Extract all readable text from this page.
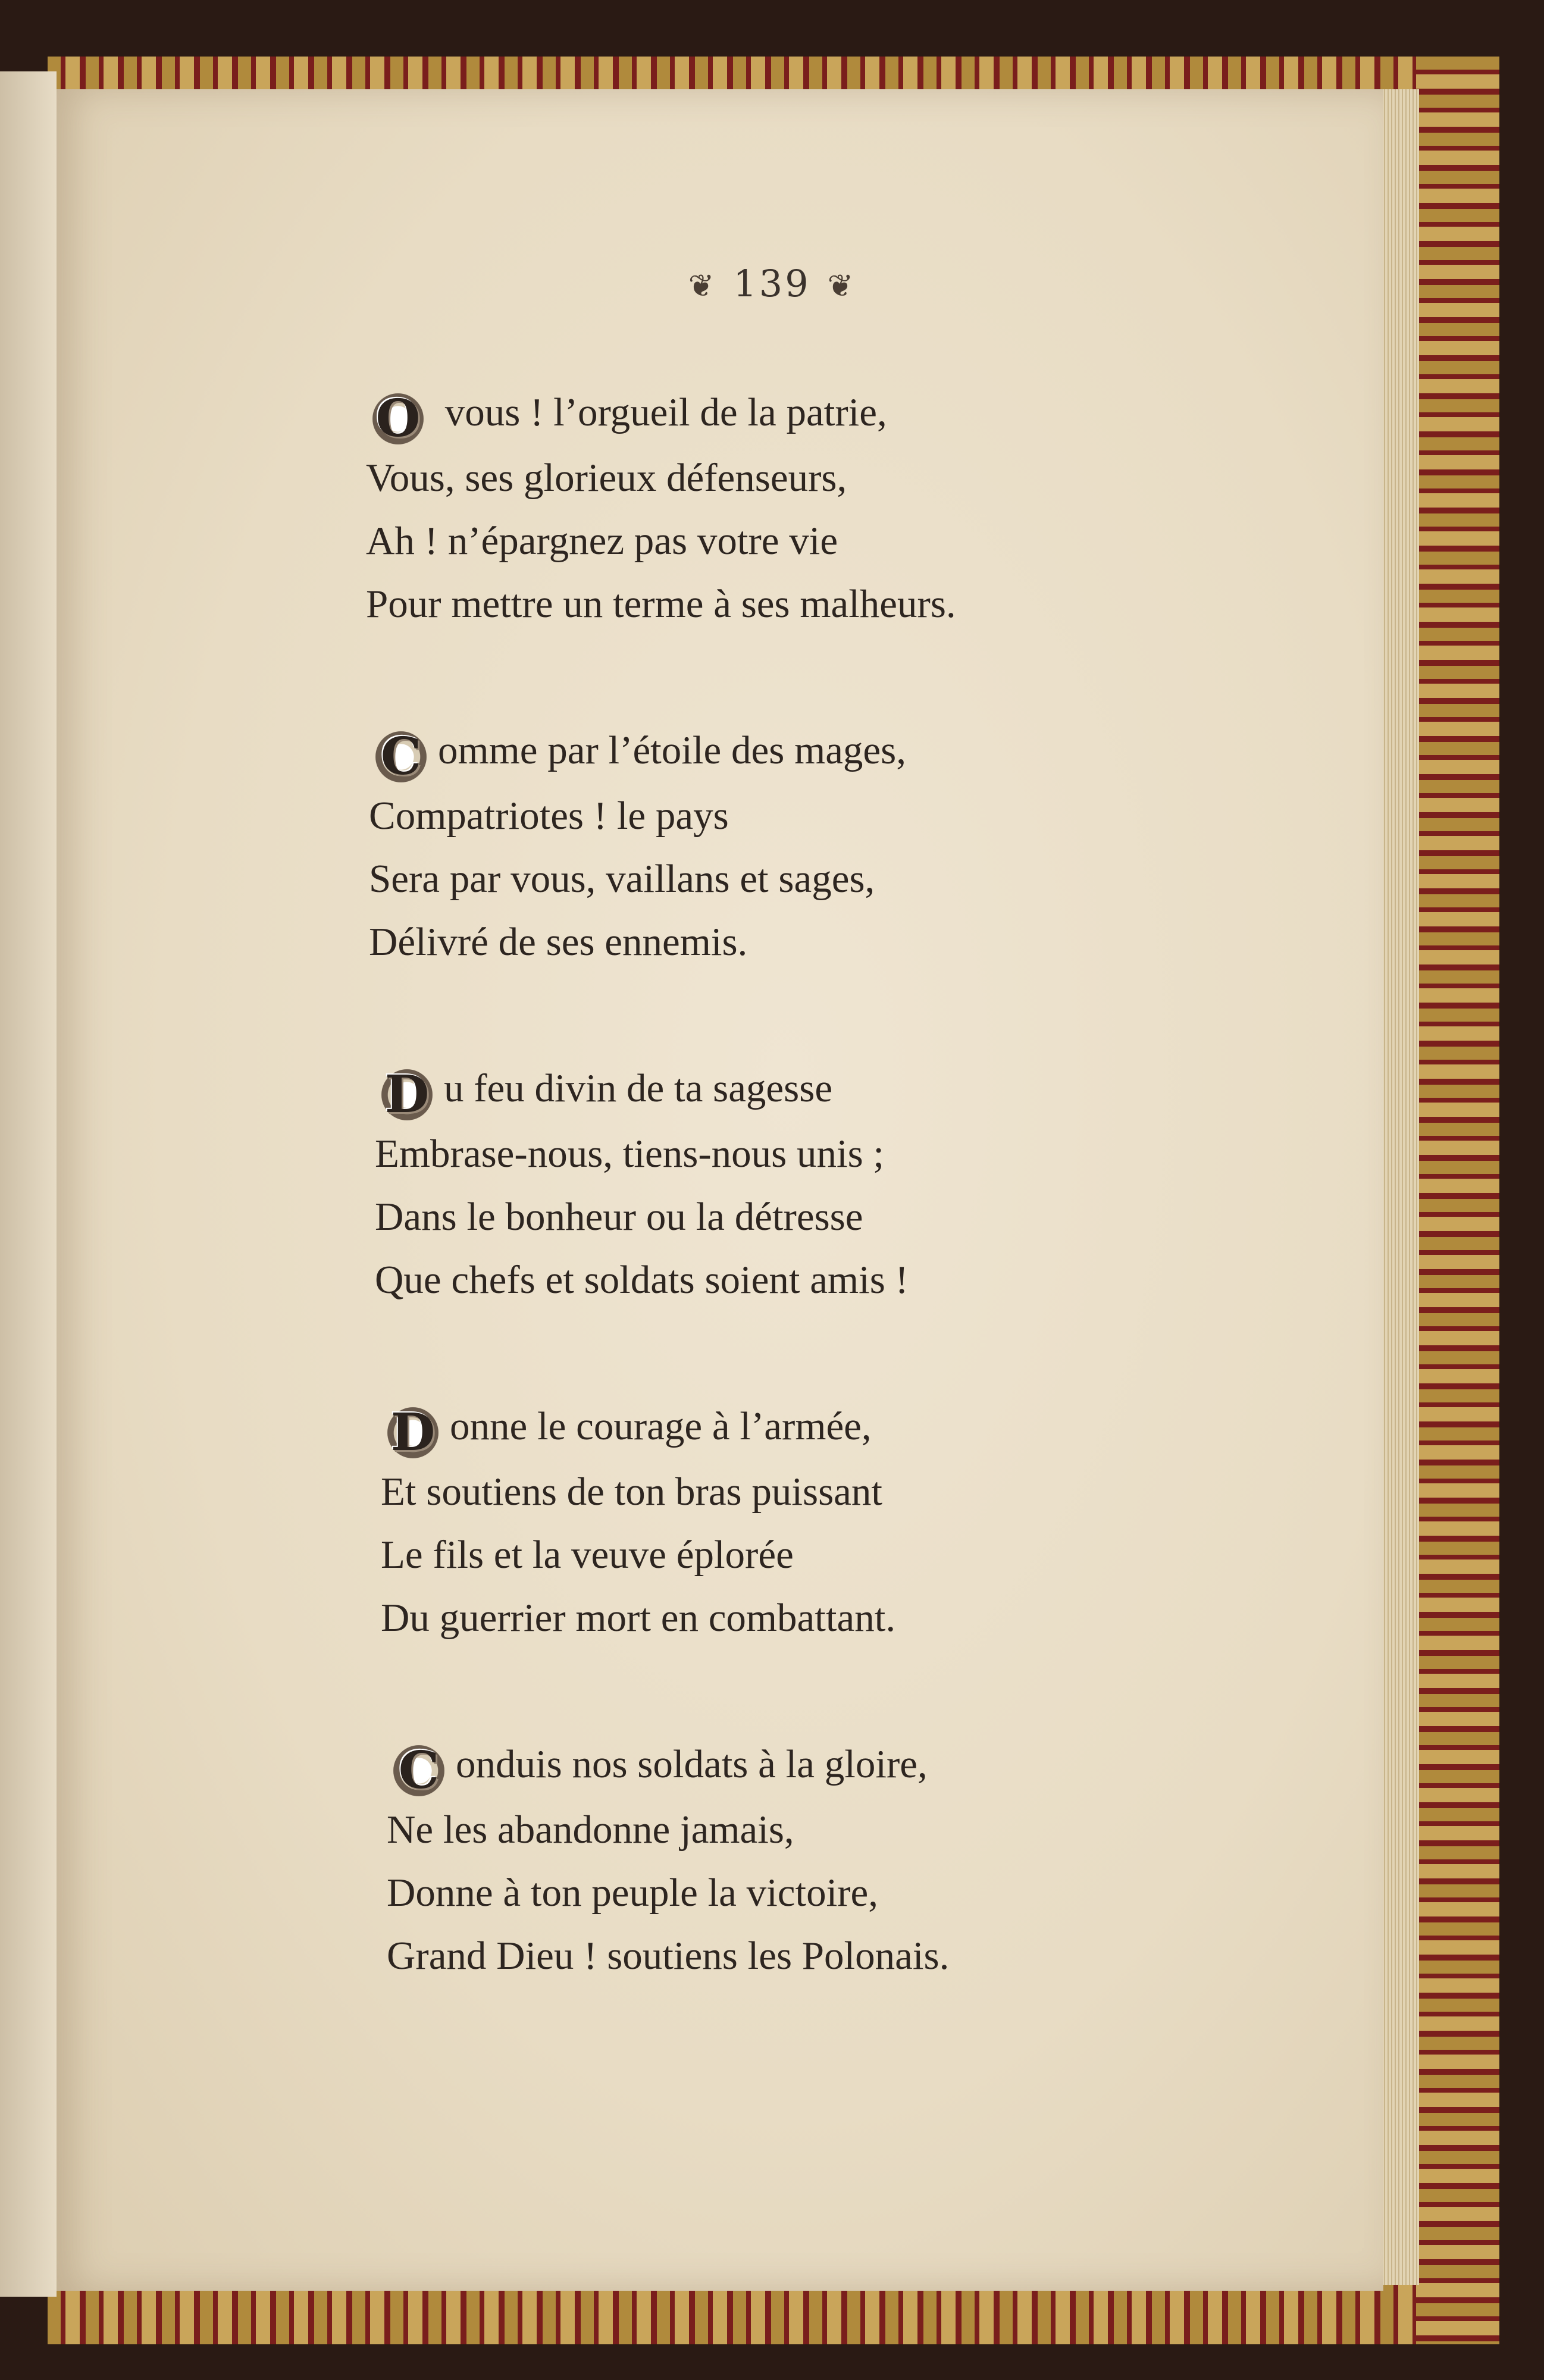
❦ 139 ❦
O vous ! l’orgueil de la patrie,
Vous, ses glorieux défenseurs,
Ah ! n’épargnez pas votre vie
Pour mettre un terme à ses malheurs.
C omme par l’étoile des mages,
Compatriotes ! le pays
Sera par vous, vaillans et sages,
Délivré de ses ennemis.
D u feu divin de ta sagesse
Embrase-nous, tiens-nous unis ;
Dans le bonheur ou la détresse
Que chefs et soldats soient amis !
D onne le courage à l’armée,
Et soutiens de ton bras puissant
Le fils et la veuve éplorée
Du guerrier mort en combattant.
C onduis nos soldats à la gloire,
Ne les abandonne jamais,
Donne à ton peuple la victoire,
Grand Dieu ! soutiens les Polonais.
